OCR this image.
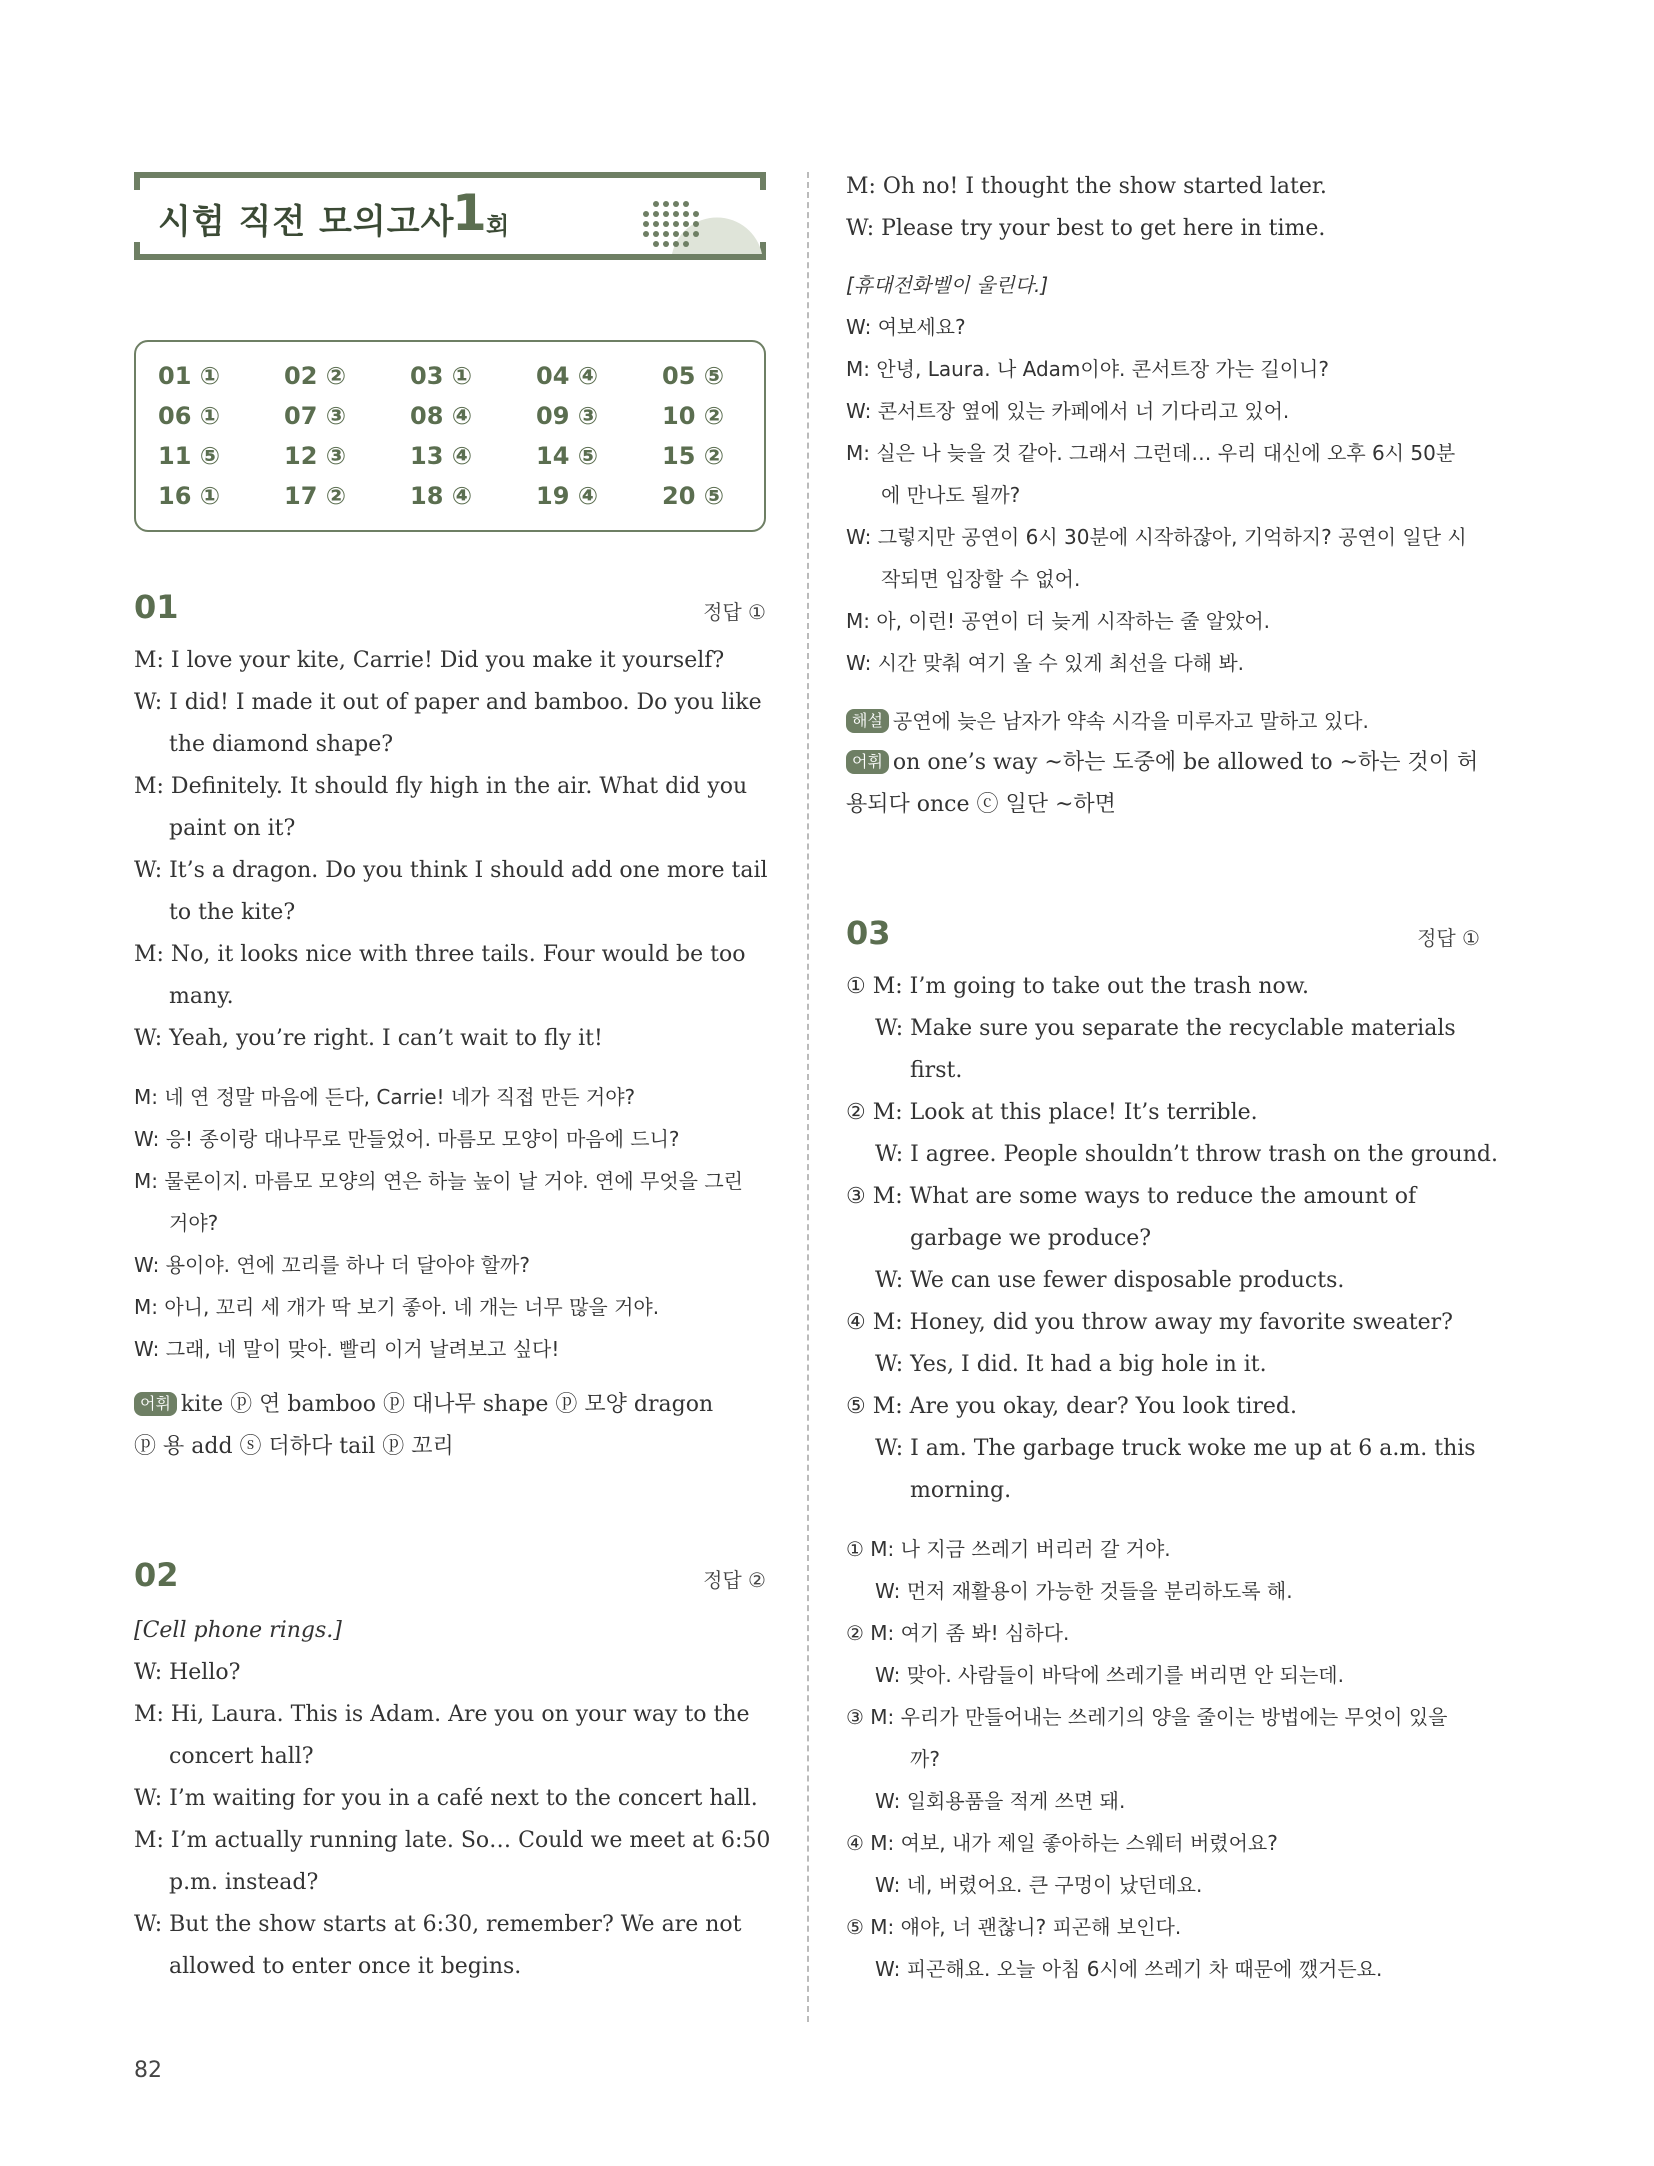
시험 직전 모의고사
1 회
01 ①	02 ②	03 ①	04 ④	05 ⑤
06 ①	07 ③	08 ④	09 ③	10 ②
11 ⑤	12 ③	13 ④	14 ⑤	15 ②
16 ①	17 ②	18 ④	19 ④	20 ⑤
01	정답 ①
M: I love your kite, Carrie! Did you make it yourself?
W: I did! I made it out of paper and bamboo. Do you like
the diamond shape?
M: Definitely. It should fly high in the air. What did you
paint on it?
W: It’s a dragon. Do you think I should add one more tail
to the kite?
M: No, it looks nice with three tails. Four would be too
many.
W: Yeah, you’re right. I can’t wait to fly it!
M: 네 연 정말 마음에 든다, Carrie! 네가 직접 만든 거야?
W: 응! 종이랑 대나무로 만들었어. 마름모 모양이 마음에 드니?
M: 물론이지. 마름모 모양의 연은 하늘 높이 날 거야. 연에 무엇을 그린
거야?
W: 용이야. 연에 꼬리를 하나 더 달아야 할까?
M: 아니, 꼬리 세 개가 딱 보기 좋아. 네 개는 너무 많을 거야.
W: 그래, 네 말이 맞아. 빨리 이거 날려보고 싶다!
어휘 kite ⓟ 연 bamboo ⓟ 대나무 shape ⓟ 모양 dragon
ⓟ 용 add ⓢ 더하다 tail ⓟ 꼬리
02	정답 ②
[Cell phone rings.]
W: Hello?
M: Hi, Laura. This is Adam. Are you on your way to the
concert hall?
W: I’m waiting for you in a café next to the concert hall.
M: I’m actually running late. So… Could we meet at 6:50
p.m. instead?
W: But the show starts at 6:30, remember? We are not
allowed to enter once it begins.
M: Oh no! I thought the show started later.
W: Please try your best to get here in time.
[휴대전화벨이 울린다.]
W: 여보세요?
M: 안녕, Laura. 나 Adam이야. 콘서트장 가는 길이니?
W: 콘서트장 옆에 있는 카페에서 너 기다리고 있어.
M: 실은 나 늦을 것 같아. 그래서 그런데… 우리 대신에 오후 6시 50분
에 만나도 될까?
W: 그렇지만 공연이 6시 30분에 시작하잖아, 기억하지? 공연이 일단 시
작되면 입장할 수 없어.
M: 아, 이런! 공연이 더 늦게 시작하는 줄 알았어.
W: 시간 맞춰 여기 올 수 있게 최선을 다해 봐.
해설 공연에 늦은 남자가 약속 시각을 미루자고 말하고 있다.
어휘 on one’s way ~하는 도중에 be allowed to ~하는 것이 허
용되다 once ⓒ 일단 ~하면
03	정답 ①
① M: I’m going to take out the trash now.
W: Make sure you separate the recyclable materials
first.
② M: Look at this place! It’s terrible.
W: I agree. People shouldn’t throw trash on the ground.
③ M: What are some ways to reduce the amount of
garbage we produce?
W: We can use fewer disposable products.
④ M: Honey, did you throw away my favorite sweater?
W: Yes, I did. It had a big hole in it.
⑤ M: Are you okay, dear? You look tired.
W: I am. The garbage truck woke me up at 6 a.m. this
morning.
① M: 나 지금 쓰레기 버리러 갈 거야.
W: 먼저 재활용이 가능한 것들을 분리하도록 해.
② M: 여기 좀 봐! 심하다.
W: 맞아. 사람들이 바닥에 쓰레기를 버리면 안 되는데.
③ M: 우리가 만들어내는 쓰레기의 양을 줄이는 방법에는 무엇이 있을
까?
W: 일회용품을 적게 쓰면 돼.
④ M: 여보, 내가 제일 좋아하는 스웨터 버렸어요?
W: 네, 버렸어요. 큰 구멍이 났던데요.
⑤ M: 얘야, 너 괜찮니? 피곤해 보인다.
W: 피곤해요. 오늘 아침 6시에 쓰레기 차 때문에 깼거든요.
82
